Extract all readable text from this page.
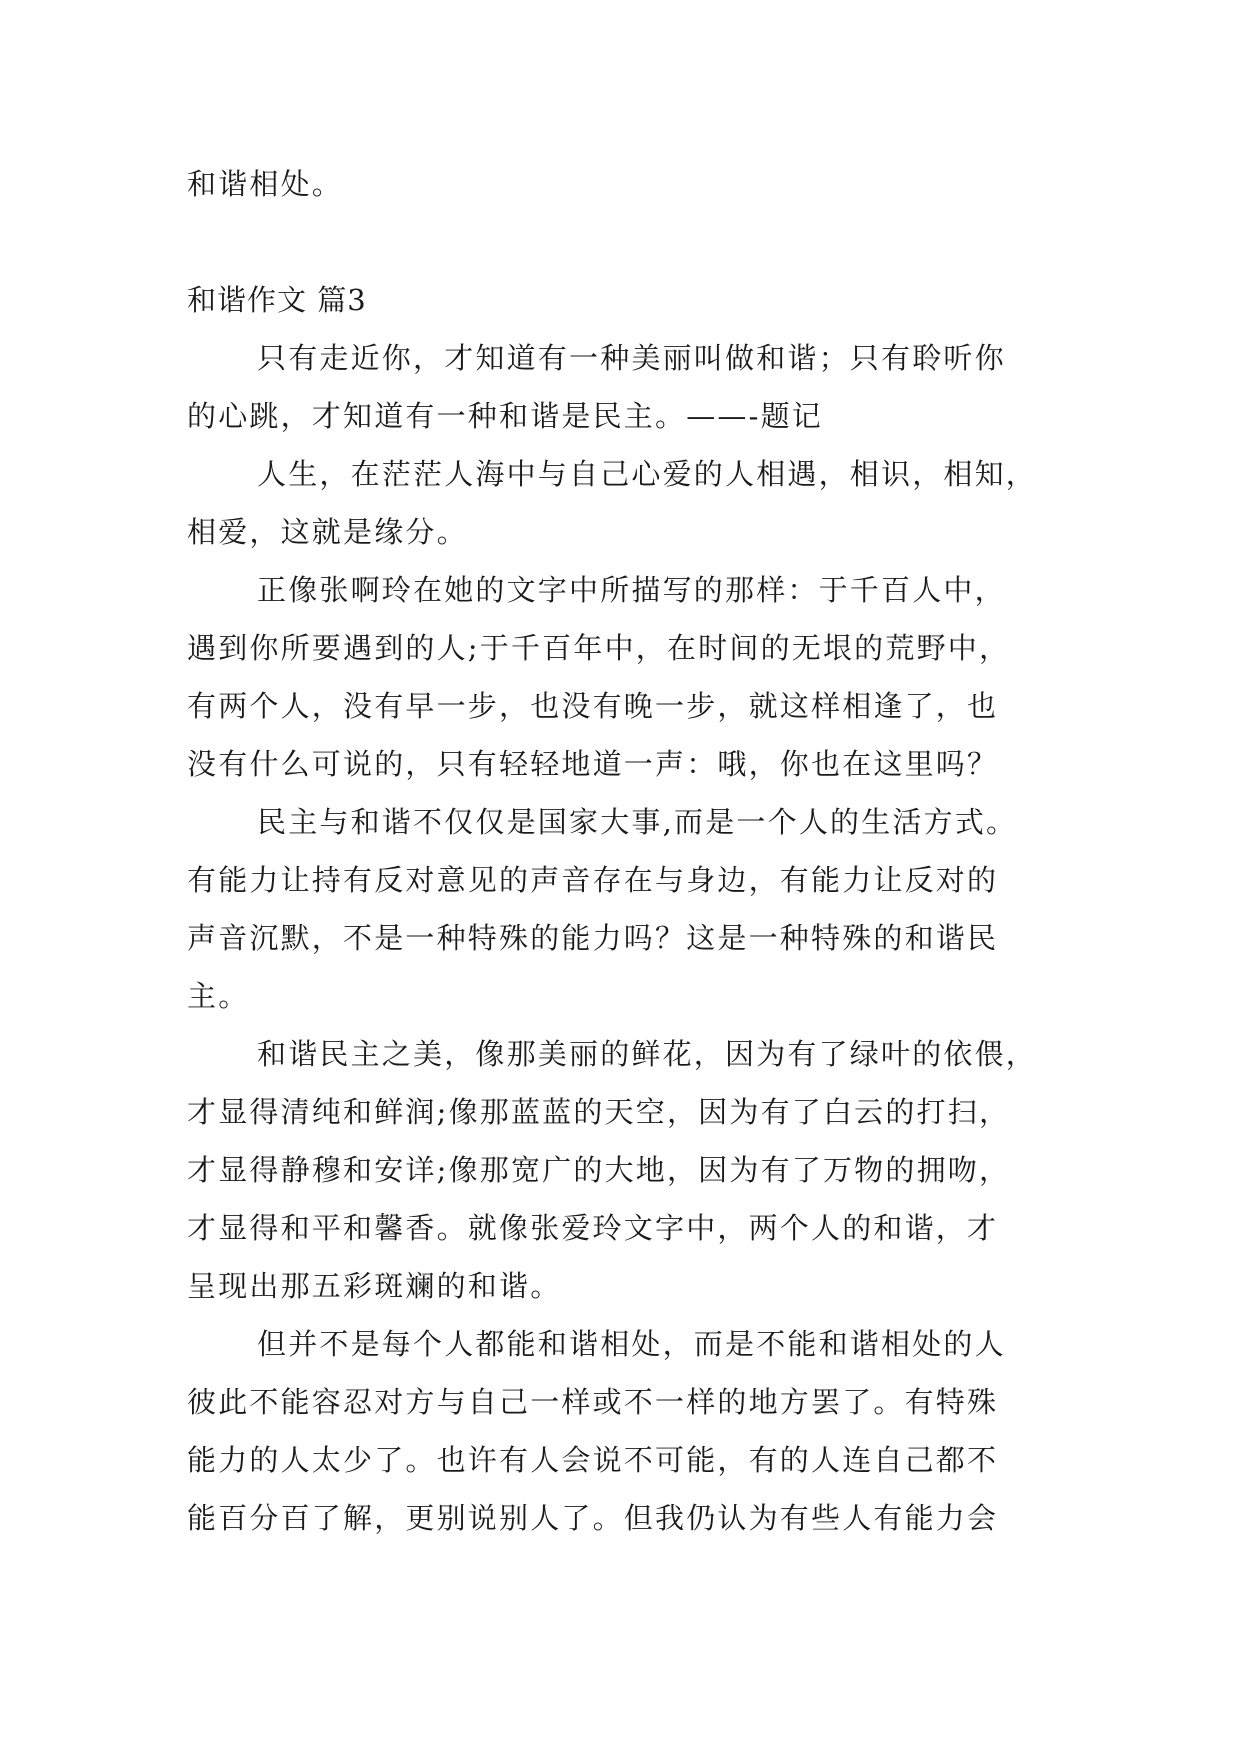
和谐相处。
和谐作文 篇3
只有走近你，才知道有一种美丽叫做和谐；只有聆听你
的心跳，才知道有一种和谐是民主。——-题记
人生，在茫茫人海中与自己心爱的人相遇，相识，相知，
相爱，这就是缘分。
正像张啊玲在她的文字中所描写的那样：于千百人中，
遇到你所要遇到的人;于千百年中，在时间的无垠的荒野中，
有两个人，没有早一步，也没有晚一步，就这样相逢了，也
没有什么可说的，只有轻轻地道一声：哦，你也在这里吗？
民主与和谐不仅仅是国家大事,而是一个人的生活方式。
有能力让持有反对意见的声音存在与身边，有能力让反对的
声音沉默，不是一种特殊的能力吗？这是一种特殊的和谐民
主。
和谐民主之美，像那美丽的鲜花，因为有了绿叶的依偎，
才显得清纯和鲜润;像那蓝蓝的天空，因为有了白云的打扫，
才显得静穆和安详;像那宽广的大地，因为有了万物的拥吻，
才显得和平和馨香。就像张爱玲文字中，两个人的和谐，才
呈现出那五彩斑斓的和谐。
但并不是每个人都能和谐相处，而是不能和谐相处的人
彼此不能容忍对方与自己一样或不一样的地方罢了。有特殊
能力的人太少了。也许有人会说不可能，有的人连自己都不
能百分百了解，更别说别人了。但我仍认为有些人有能力会
